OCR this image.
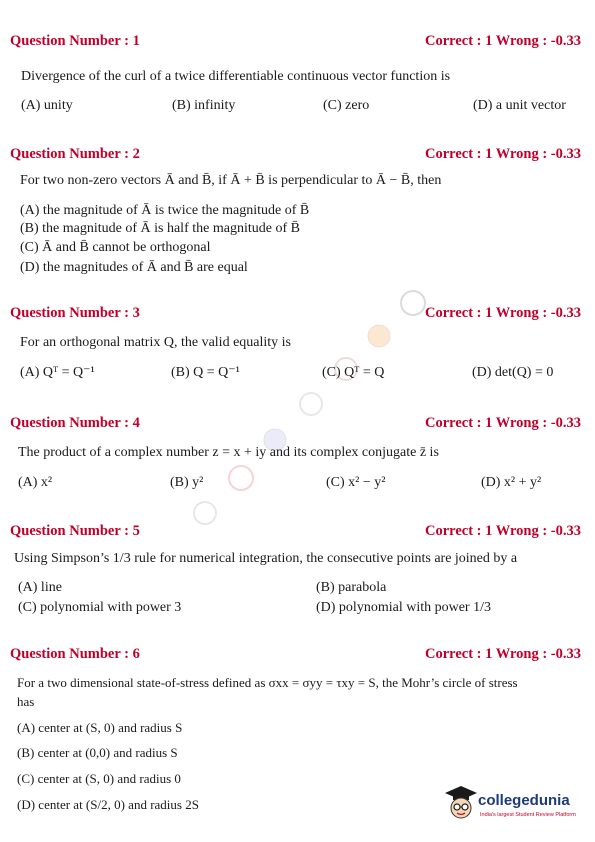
Question Number : 1	Correct : 1 Wrong : -0.33
Divergence of the curl of a twice differentiable continuous vector function is
(A) unity	(B) infinity	(C) zero	(D) a unit vector
Question Number : 2	Correct : 1 Wrong : -0.33
For two non-zero vectors Ā and B̄, if Ā + B̄ is perpendicular to Ā − B̄, then
(A) the magnitude of Ā is twice the magnitude of B̄
(B) the magnitude of Ā is half the magnitude of B̄
(C) Ā and B̄ cannot be orthogonal
(D) the magnitudes of Ā and B̄ are equal
Question Number : 3	Correct : 1 Wrong : -0.33
For an orthogonal matrix Q, the valid equality is
(A) Qᵀ = Q⁻¹	(B) Q = Q⁻¹	(C) Qᵀ = Q	(D) det(Q) = 0
Question Number : 4	Correct : 1 Wrong : -0.33
The product of a complex number z = x + iy and its complex conjugate z̄ is
(A) x²	(B) y²	(C) x² − y²	(D) x² + y²
Question Number : 5	Correct : 1 Wrong : -0.33
Using Simpson’s 1/3 rule for numerical integration, the consecutive points are joined by a
(A) line	(B) parabola
(C) polynomial with power 3	(D) polynomial with power 1/3
Question Number : 6	Correct : 1 Wrong : -0.33
For a two dimensional state-of-stress defined as σxx = σyy = τxy = S, the Mohr’s circle of stress
has
(A) center at (S, 0) and radius S
(B) center at (0,0) and radius S
(C) center at (S, 0) and radius 0
(D) center at (S/2, 0) and radius 2S	collegedunia
India's largest Student Review Platform
